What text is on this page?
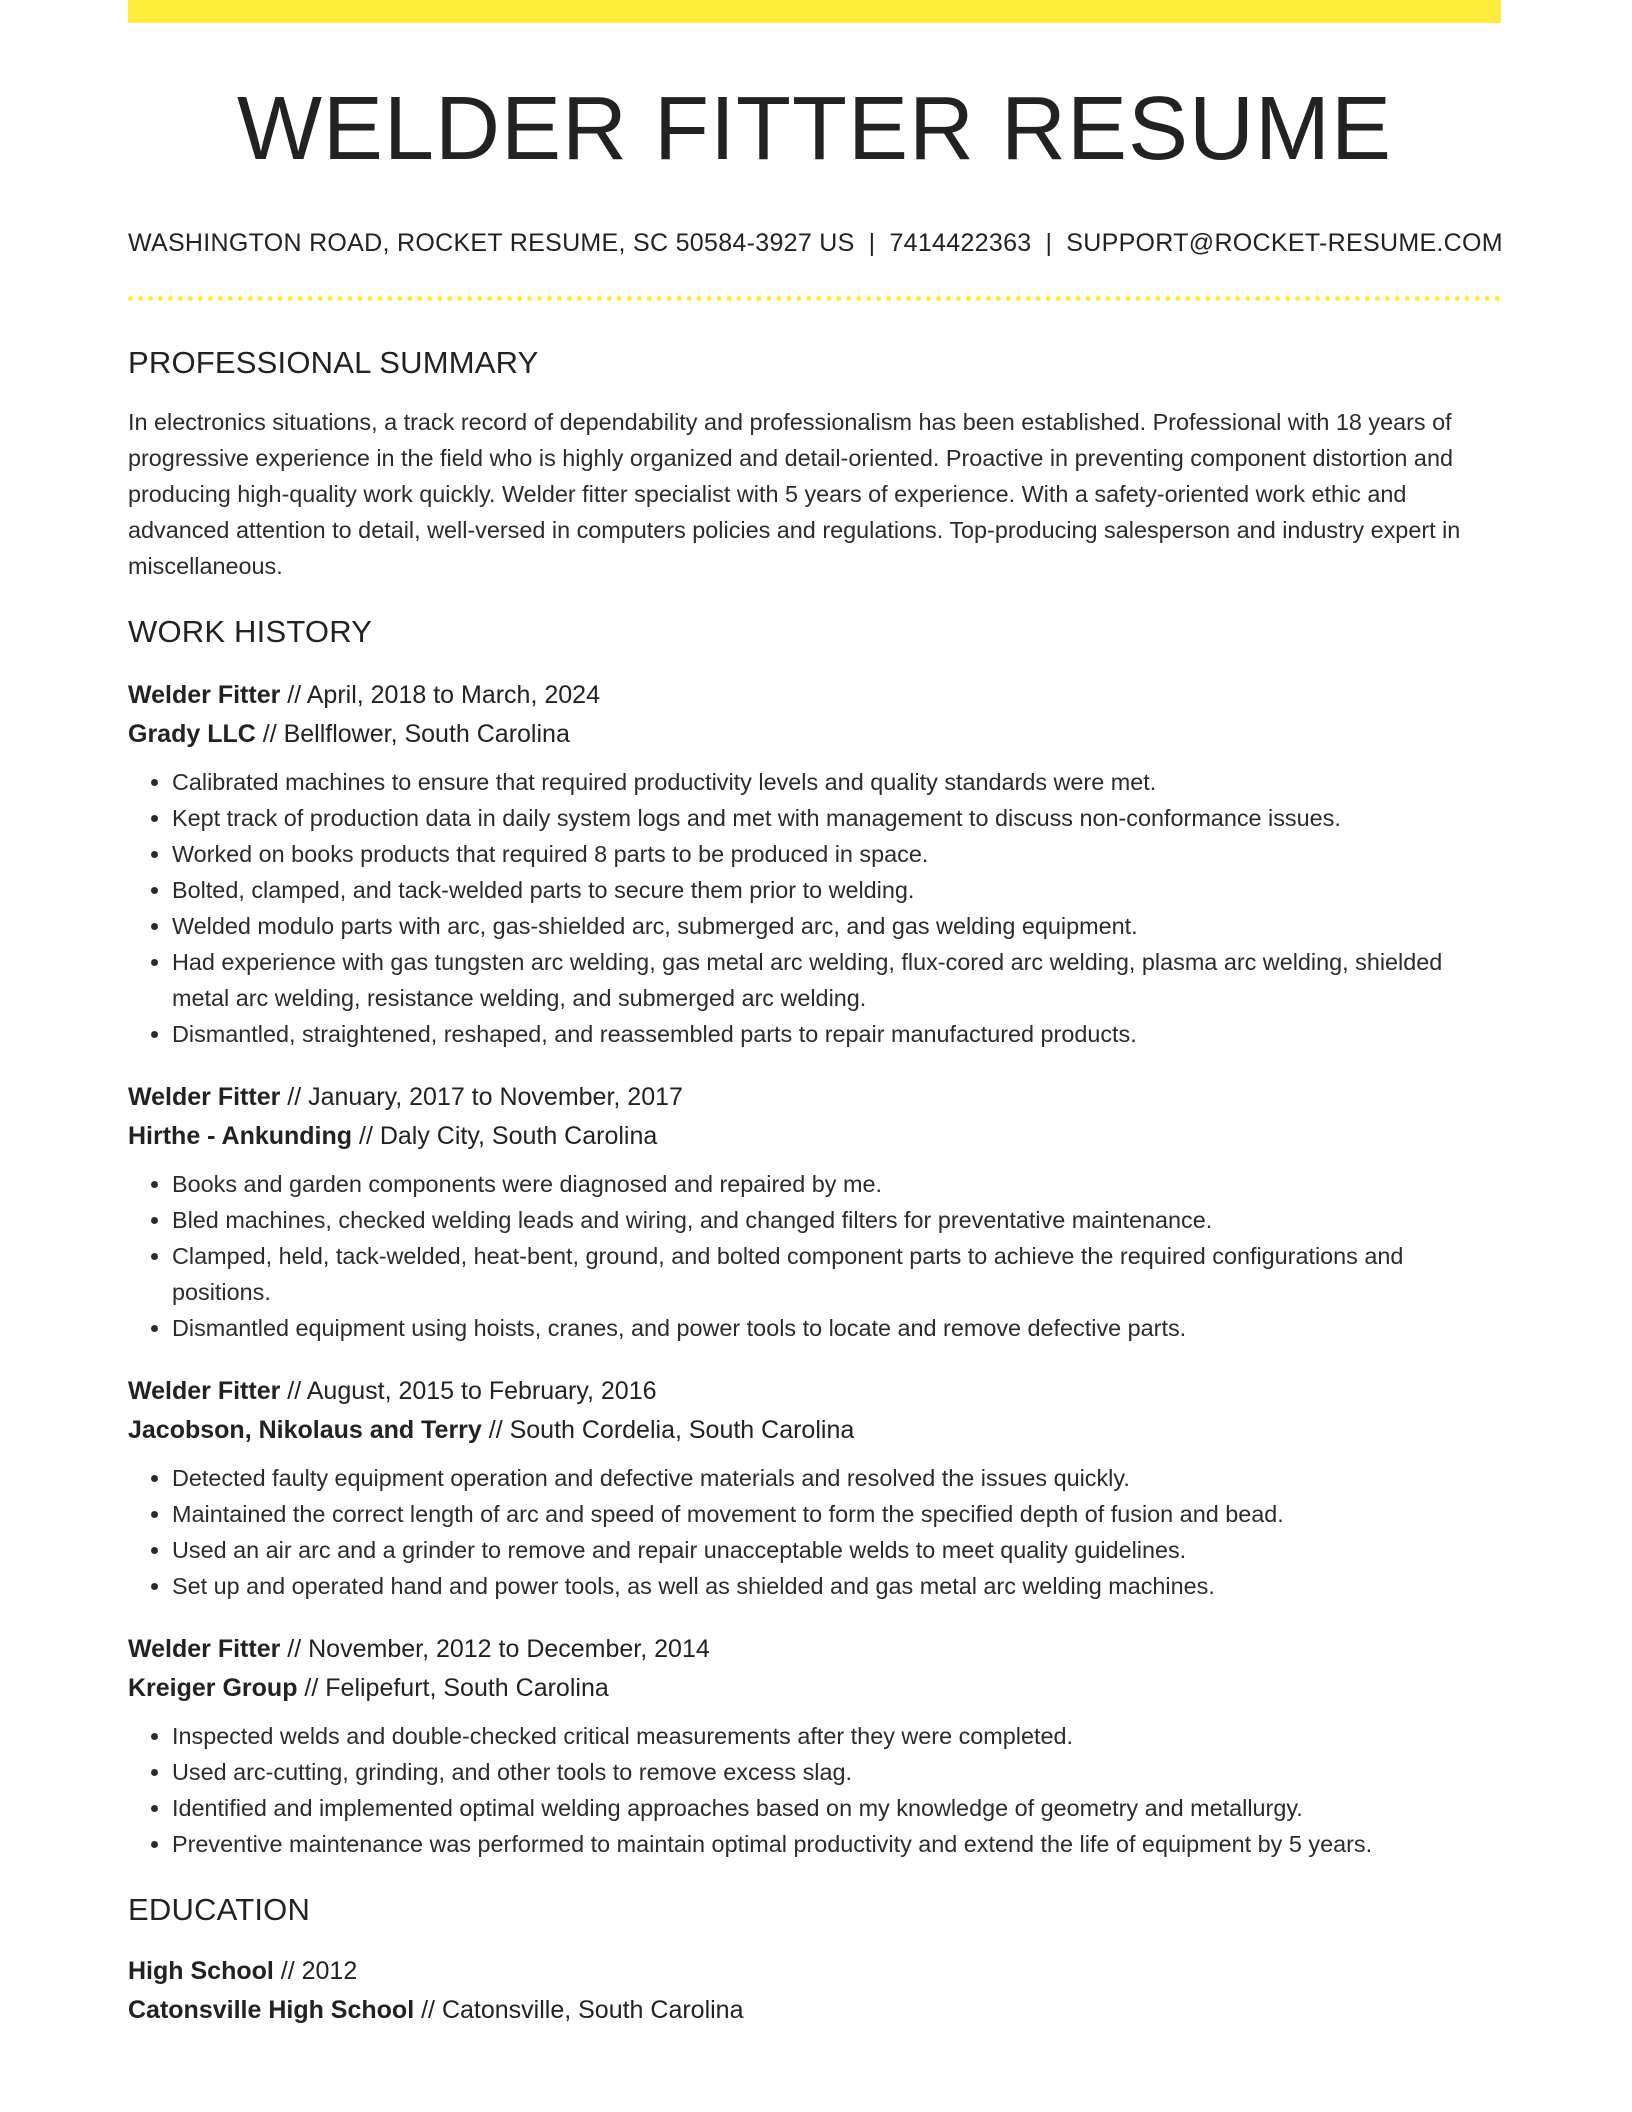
WELDER FITTER RESUME
WASHINGTON ROAD, ROCKET RESUME, SC 50584-3927 US | 7414422363 | SUPPORT@ROCKET-RESUME.COM
PROFESSIONAL SUMMARY

In electronics situations, a track record of dependability and professionalism has been established. Professional with 18 years of progressive experience in the field who is highly organized and detail-oriented. Proactive in preventing component distortion and producing high-quality work quickly. Welder fitter specialist with 5 years of experience. With a safety-oriented work ethic and advanced attention to detail, well-versed in computers policies and regulations. Top-producing salesperson and industry expert in miscellaneous.

WORK HISTORY
Welder Fitter // April, 2018 to March, 2024
Grady LLC // Bellflower, South Carolina
• Calibrated machines to ensure that required productivity levels and quality standards were met.
• Kept track of production data in daily system logs and met with management to discuss non-conformance issues.
• Worked on books products that required 8 parts to be produced in space.
• Bolted, clamped, and tack-welded parts to secure them prior to welding.
• Welded modulo parts with arc, gas-shielded arc, submerged arc, and gas welding equipment.
• Had experience with gas tungsten arc welding, gas metal arc welding, flux-cored arc welding, plasma arc welding, shielded metal arc welding, resistance welding, and submerged arc welding.
• Dismantled, straightened, reshaped, and reassembled parts to repair manufactured products.
Welder Fitter // January, 2017 to November, 2017
Hirthe - Ankunding // Daly City, South Carolina
• Books and garden components were diagnosed and repaired by me.
• Bled machines, checked welding leads and wiring, and changed filters for preventative maintenance.
• Clamped, held, tack-welded, heat-bent, ground, and bolted component parts to achieve the required configurations and positions.
• Dismantled equipment using hoists, cranes, and power tools to locate and remove defective parts.
Welder Fitter // August, 2015 to February, 2016
Jacobson, Nikolaus and Terry // South Cordelia, South Carolina
• Detected faulty equipment operation and defective materials and resolved the issues quickly.
• Maintained the correct length of arc and speed of movement to form the specified depth of fusion and bead.
• Used an air arc and a grinder to remove and repair unacceptable welds to meet quality guidelines.
• Set up and operated hand and power tools, as well as shielded and gas metal arc welding machines.
Welder Fitter // November, 2012 to December, 2014
Kreiger Group // Felipefurt, South Carolina
• Inspected welds and double-checked critical measurements after they were completed.
• Used arc-cutting, grinding, and other tools to remove excess slag.
• Identified and implemented optimal welding approaches based on my knowledge of geometry and metallurgy.
• Preventive maintenance was performed to maintain optimal productivity and extend the life of equipment by 5 years.
EDUCATION
High School // 2012
Catonsville High School // Catonsville, South Carolina
